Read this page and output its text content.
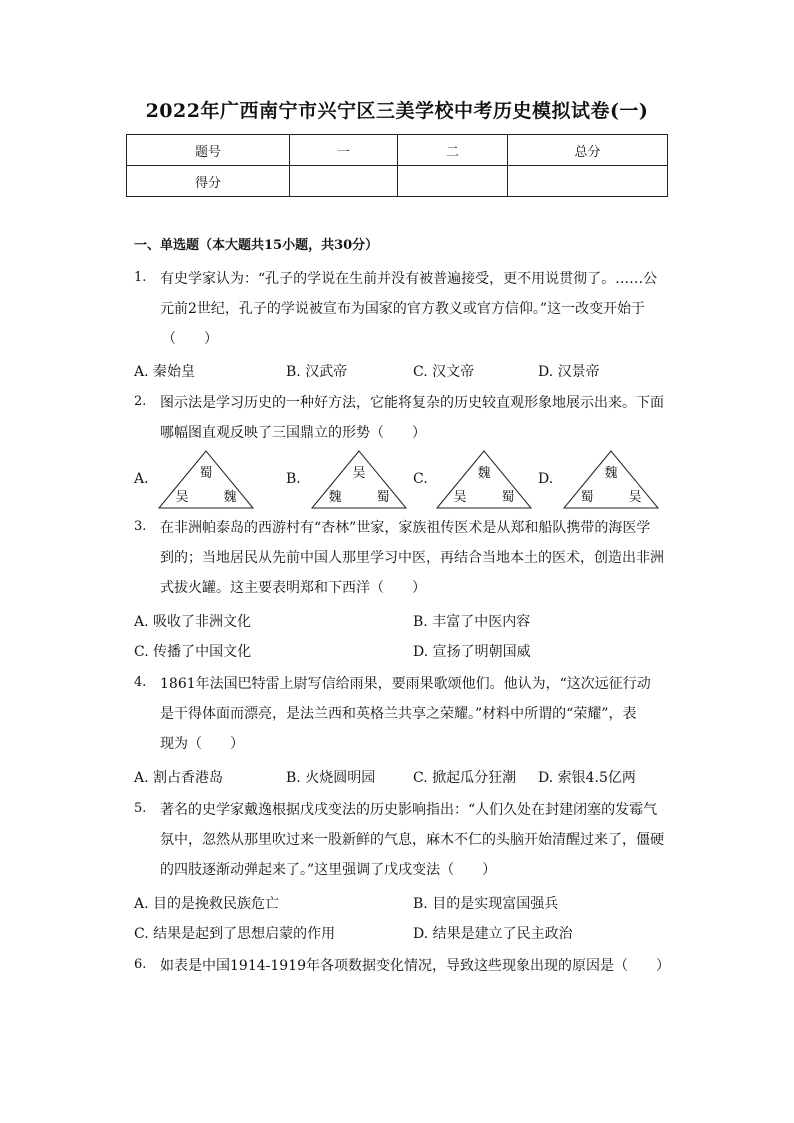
2022年广西南宁市兴宁区三美学校中考历史模拟试卷(一)
题号	一	二	总分
得分			
一、单选题（本大题共15小题，共30分）
1. 有史学家认为：“孔子的学说在生前并没有被普遍接受，更不用说贯彻了。……公
元前2世纪，孔子的学说被宣布为国家的官方教义或官方信仰。”这一改变开始于
（　　）
A. 秦始皇	B. 汉武帝	C. 汉文帝	D. 汉景帝
2. 图示法是学习历史的一种好方法，它能将复杂的历史较直观形象地展示出来。下面
哪幅图直观反映了三国鼎立的形势（　　）
A.	B.	C.	D.
蜀
吴	魏
吴
魏	蜀
魏
吴	蜀
魏
蜀	吴
3. 在非洲帕泰岛的西游村有“杏林”世家，家族祖传医术是从郑和船队携带的海医学
到的；当地居民从先前中国人那里学习中医，再结合当地本土的医术，创造出非洲
式拔火罐。这主要表明郑和下西洋（　　）
A. 吸收了非洲文化	B. 丰富了中医内容
C. 传播了中国文化	D. 宣扬了明朝国威
4. 1861年法国巴特雷上尉写信给雨果，要雨果歌颂他们。他认为，“这次远征行动
是干得体面而漂亮，是法兰西和英格兰共享之荣耀。”材料中所谓的“荣耀”，表
现为（　　）
A. 割占香港岛	B. 火烧圆明园	C. 掀起瓜分狂潮 D. 索银4.5亿两
5. 著名的史学家戴逸根据戊戌变法的历史影响指出：“人们久处在封建闭塞的发霉气
氛中，忽然从那里吹过来一股新鲜的气息，麻木不仁的头脑开始清醒过来了，僵硬
的四肢逐渐动弹起来了。”这里强调了戊戌变法（　　）
A. 目的是挽救民族危亡	B. 目的是实现富国强兵
C. 结果是起到了思想启蒙的作用	D. 结果是建立了民主政治
6. 如表是中国1914-1919年各项数据变化情况，导致这些现象出现的原因是（　　）
